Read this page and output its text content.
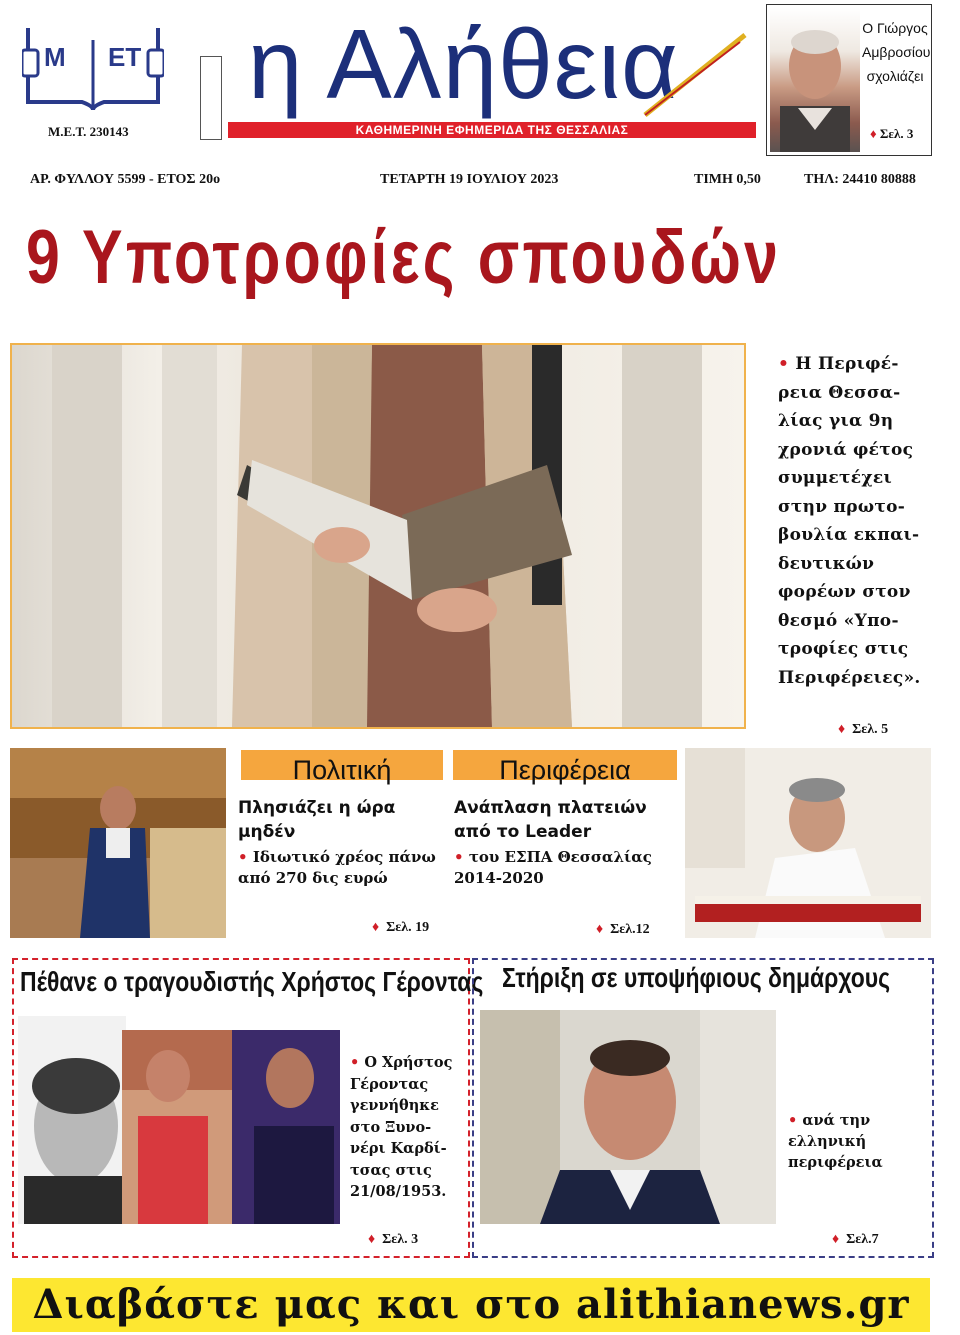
Μ ΕΤ
Μ.Ε.Τ. 230143
η Αλήθεια
ΚΑΘΗΜΕΡΙΝΗ ΕΦΗΜΕΡΙΔΑ ΤΗΣ ΘΕΣΣΑΛΙΑΣ
Ο Γιώργος
Αμβροσίου
σχολιάζει
♦ Σελ. 3
ΑΡ. ΦΥΛΛΟΥ 5599 - ΕΤΟΣ 20ο	ΤΕΤΑΡΤΗ 19 ΙΟΥΛΙΟΥ 2023	ΤΙΜΗ 0,50	ΤΗΛ: 24410 80888
9 Υποτροφίες σπουδών
• Η Περιφέ-
ρεια Θεσσα-
λίας για 9η
χρονιά φέτος
συμμετέχει
στην πρωτο-
βουλία εκπαι-
δευτικών
φορέων στον
θεσμό «Υπο-
τροφίες στις
Περιφέρειες».
♦ Σελ. 5
Πολιτική
Πλησιάζει η ώρα
μηδέν
• Ιδιωτικό χρέος πάνω
από 270 δις ευρώ
♦ Σελ. 19
Περιφέρεια
Ανάπλαση πλατειών
από το Leader
• του ΕΣΠΑ Θεσσαλίας
2014-2020
♦ Σελ.12
Πέθανε ο τραγουδιστής Χρήστος Γέροντας
• Ο Χρήστος
Γέροντας
γεννήθηκε
στο Ξυνο-
νέρι Καρδί-
τσας στις
21/08/1953.
♦ Σελ. 3
Στήριξη σε υποψήφιους δημάρχους
• ανά την
ελληνική
περιφέρεια
♦ Σελ.7
Διαβάστε μας και στο alithianews.gr
